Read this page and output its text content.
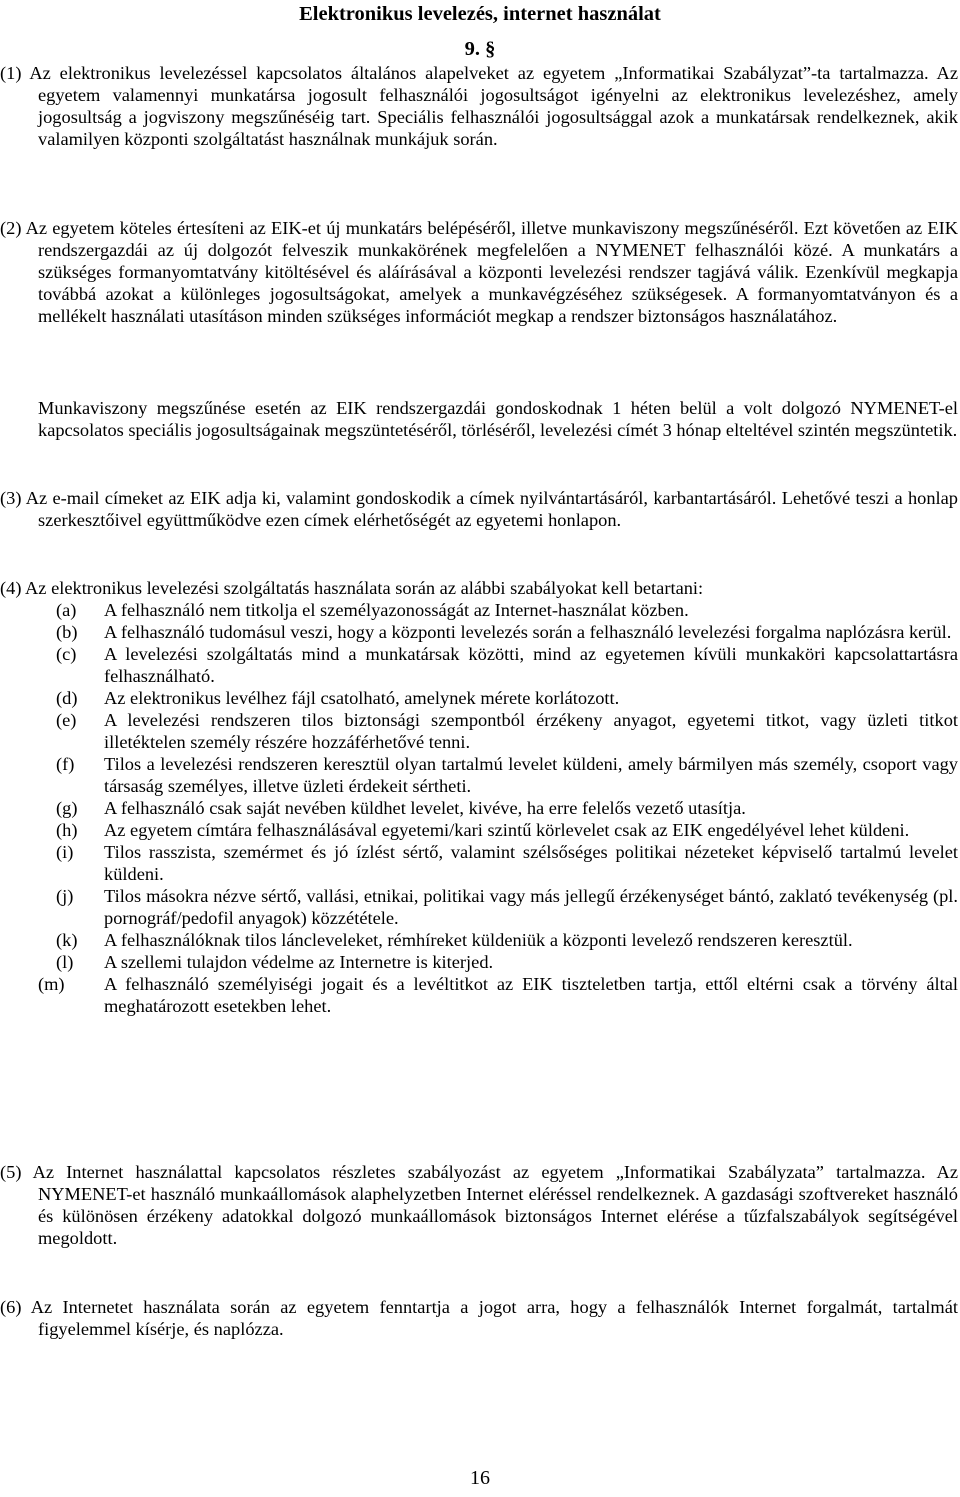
Elektronikus levelezés, internet használat
9. §
(1) Az elektronikus levelezéssel kapcsolatos általános alapelveket az egyetem „Informatikai Szabályzat”-ta tartalmazza. Az egyetem valamennyi munkatársa jogosult felhasználói jogosultságot igényelni az elektronikus levelezéshez, amely jogosultság a jogviszony megszűnéséig tart. Speciális felhasználói jogosultsággal azok a munkatársak rendelkeznek, akik valamilyen központi szolgáltatást használnak munkájuk során.
(2) Az egyetem köteles értesíteni az EIK-et új munkatárs belépéséről, illetve munkaviszony megszűnéséről. Ezt követően az EIK rendszergazdái az új dolgozót felveszik munkakörének megfelelően a NYMENET felhasználói közé. A munkatárs a szükséges formanyomtatvány kitöltésével és aláírásával a központi levelezési rendszer tagjává válik. Ezenkívül megkapja továbbá azokat a különleges jogosultságokat, amelyek a munkavégzéséhez szükségesek. A formanyomtatványon és a mellékelt használati utasításon minden szükséges információt megkap a rendszer biztonságos használatához.
Munkaviszony megszűnése esetén az EIK rendszergazdái gondoskodnak 1 héten belül a volt dolgozó NYMENET-el kapcsolatos speciális jogosultságainak megszüntetéséről, törléséről, levelezési címét 3 hónap elteltével szintén megszüntetik.
(3) Az e-mail címeket az EIK adja ki, valamint gondoskodik a címek nyilvántartásáról, karbantartásáról. Lehetővé teszi a honlap szerkesztőivel együttműködve ezen címek elérhetőségét az egyetemi honlapon.
(4) Az elektronikus levelezési szolgáltatás használata során az alábbi szabályokat kell betartani:
(a) A felhasználó nem titkolja el személyazonosságát az Internet-használat közben.
(b) A felhasználó tudomásul veszi, hogy a központi levelezés során a felhasználó levelezési forgalma naplózásra kerül.
(c) A levelezési szolgáltatás mind a munkatársak közötti, mind az egyetemen kívüli munkaköri kapcsolattartásra felhasználható.
(d) Az elektronikus levélhez fájl csatolható, amelynek mérete korlátozott.
(e) A levelezési rendszeren tilos biztonsági szempontból érzékeny anyagot, egyetemi titkot, vagy üzleti titkot illetéktelen személy részére hozzáférhetővé tenni.
(f) Tilos a levelezési rendszeren keresztül olyan tartalmú levelet küldeni, amely bármilyen más személy, csoport vagy társaság személyes, illetve üzleti érdekeit sértheti.
(g) A felhasználó csak saját nevében küldhet levelet, kivéve, ha erre felelős vezető utasítja.
(h) Az egyetem címtára felhasználásával egyetemi/kari szintű körlevelet csak az EIK engedélyével lehet küldeni.
(i) Tilos rasszista, szemérmet és jó ízlést sértő, valamint szélsőséges politikai nézeteket képviselő tartalmú levelet küldeni.
(j) Tilos másokra nézve sértő, vallási, etnikai, politikai vagy más jellegű érzékenységet bántó, zaklató tevékenység (pl. pornográf/pedofil anyagok) közzététele.
(k) A felhasználóknak tilos láncleveleket, rémhíreket küldeniük a központi levelező rendszeren keresztül.
(l) A szellemi tulajdon védelme az Internetre is kiterjed.
(m) A felhasználó személyiségi jogait és a levéltitkot az EIK tiszteletben tartja, ettől eltérni csak a törvény által meghatározott esetekben lehet.
(5) Az Internet használattal kapcsolatos részletes szabályozást az egyetem „Informatikai Szabályzata” tartalmazza. Az NYMENET-et használó munkaállomások alaphelyzetben Internet eléréssel rendelkeznek. A gazdasági szoftvereket használó és különösen érzékeny adatokkal dolgozó munkaállomások biztonságos Internet elérése a tűzfalszabályok segítségével megoldott.
(6) Az Internetet használata során az egyetem fenntartja a jogot arra, hogy a felhasználók Internet forgalmát, tartalmát figyelemmel kísérje, és naplózza.
16
